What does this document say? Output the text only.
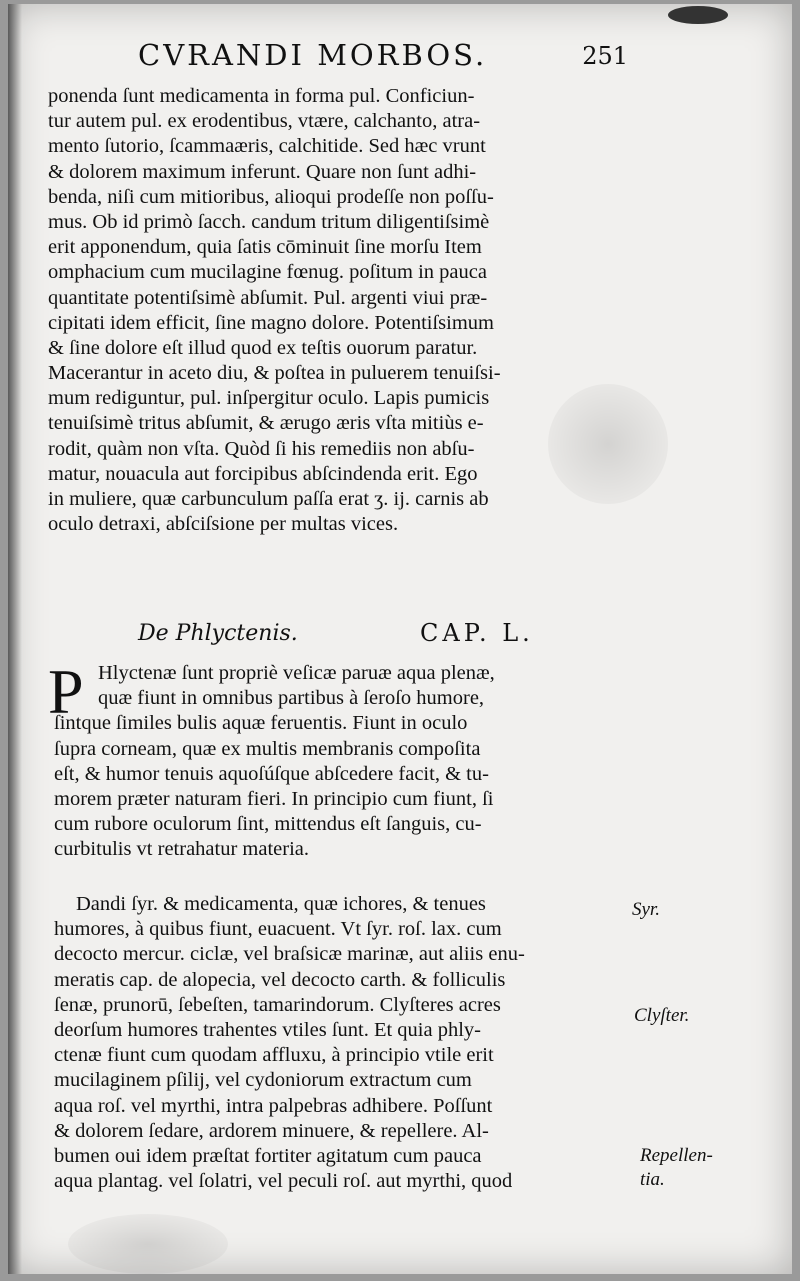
CVRANDI MORBOS.	251
ponenda ſunt medicamenta in forma pul. Conficiun-
tur autem pul. ex erodentibus, vtære, calchanto, atra-
mento ſutorio, ſcammaæris, calchitide. Sed hæc vrunt
& dolorem maximum inferunt. Quare non ſunt adhi-
benda, niſi cum mitioribus, alioqui prodeſſe non poſſu-
mus. Ob id primò ſacch. candum tritum diligentiſsimè
erit apponendum, quia ſatis cōminuit ſine morſu Item
omphacium cum mucilagine fœnug. poſitum in pauca
quantitate potentiſsimè abſumit. Pul. argenti viui præ-
cipitati idem efficit, ſine magno dolore. Potentiſsimum
& ſine dolore eſt illud quod ex teſtis ouorum paratur.
Macerantur in aceto diu, & poſtea in puluerem tenuiſsi-
mum rediguntur, pul. inſpergitur oculo. Lapis pumicis
tenuiſsimè tritus abſumit, & ærugo æris vſta mitiùs e-
rodit, quàm non vſta. Quòd ſi his remediis non abſu-
matur, nouacula aut forcipibus abſcindenda erit. Ego
in muliere, quæ carbunculum paſſa erat ʒ. ij. carnis ab
oculo detraxi, abſciſsione per multas vices.
De Phlyctenis.	CAP. L.
P Hlyctenæ ſunt propriè veſicæ paruæ aqua plenæ,
quæ fiunt in omnibus partibus à ſeroſo humore,
ſintque ſimiles bulis aquæ feruentis. Fiunt in oculo
ſupra corneam, quæ ex multis membranis compoſita
eſt, & humor tenuis aquoſúſque abſcedere facit, & tu-
morem præter naturam fieri. In principio cum fiunt, ſi
cum rubore oculorum ſint, mittendus eſt ſanguis, cu-
curbitulis vt retrahatur materia.
Dandi ſyr. & medicamenta, quæ ichores, & tenues
humores, à quibus fiunt, euacuent. Vt ſyr. roſ. lax. cum
decocto mercur. ciclæ, vel braſsicæ marinæ, aut aliis enu-
meratis cap. de alopecia, vel decocto carth. & folliculis
ſenæ, prunorū, ſebeſten, tamarindorum. Clyſteres acres
deorſum humores trahentes vtiles ſunt. Et quia phly-
ctenæ fiunt cum quodam affluxu, à principio vtile erit
mucilaginem pſilij, vel cydoniorum extractum cum
aqua roſ. vel myrthi, intra palpebras adhibere. Poſſunt
& dolorem ſedare, ardorem minuere, & repellere. Al-
bumen oui idem præſtat fortiter agitatum cum pauca
aqua plantag. vel ſolatri, vel peculi roſ. aut myrthi, quod
Syr.
Clyſter.
Repellen-
tia.
